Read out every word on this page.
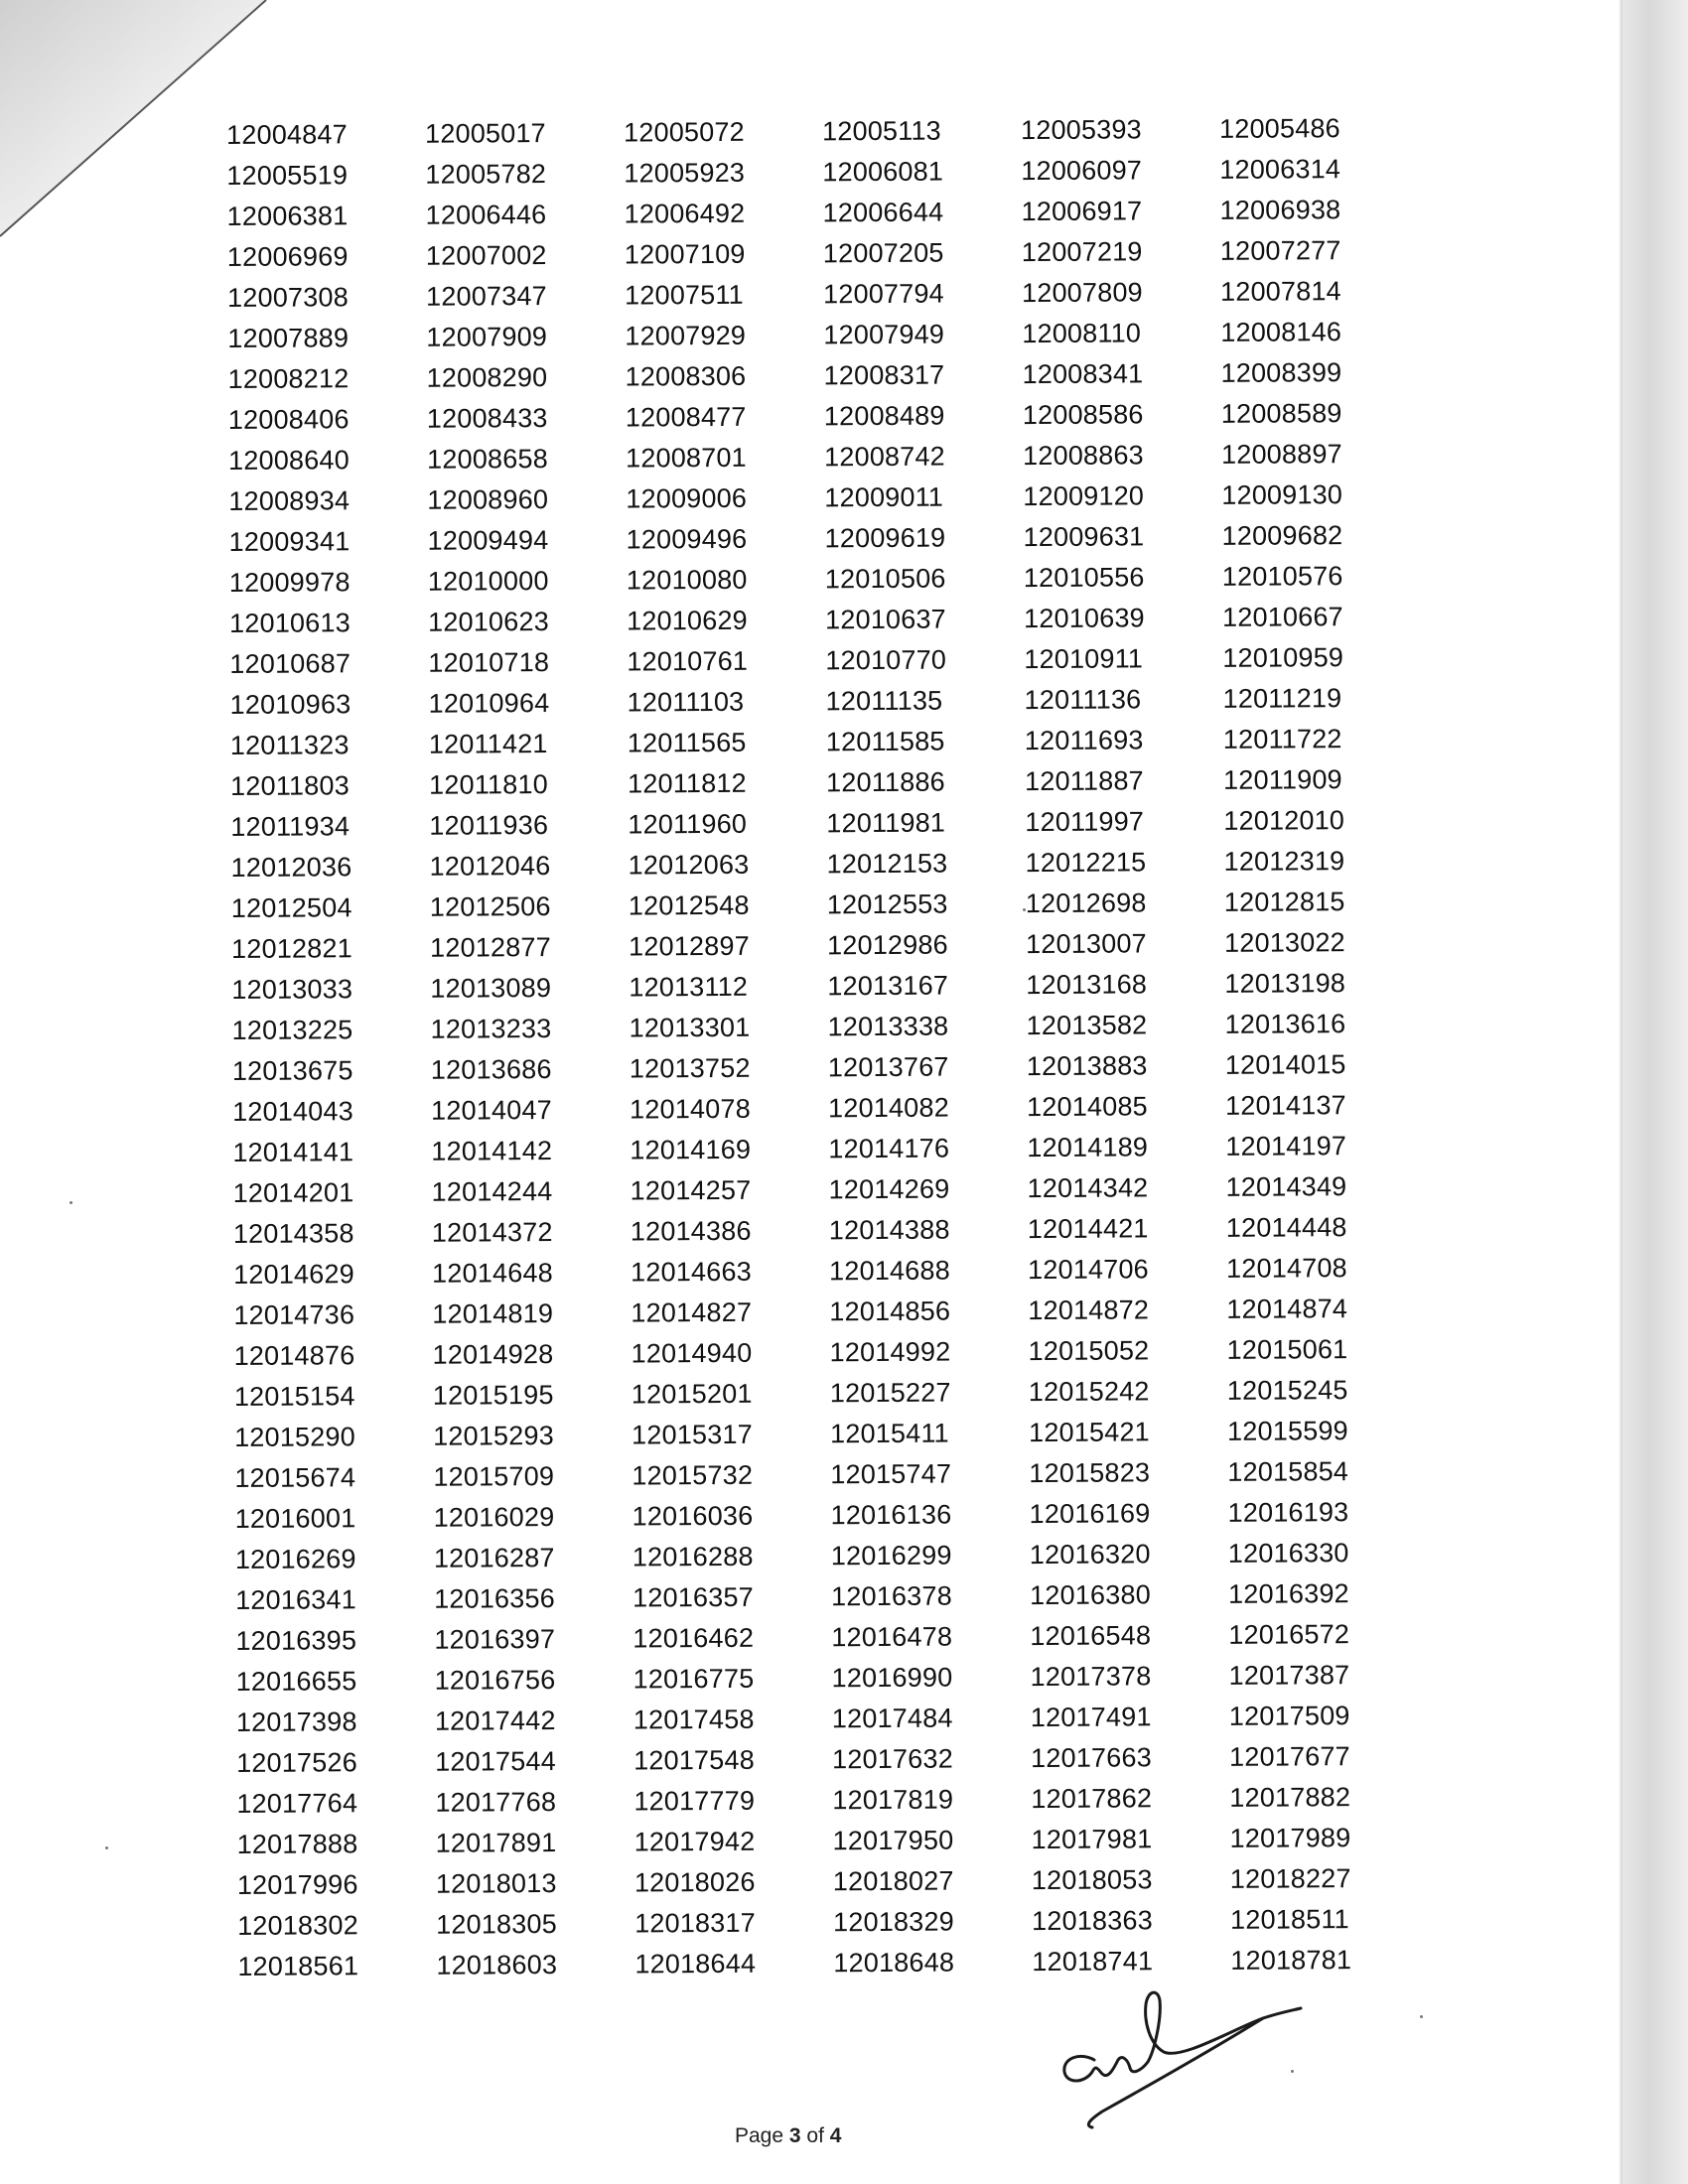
12004847	12005017	12005072	12005113	12005393	12005486
12005519	12005782	12005923	12006081	12006097	12006314
12006381	12006446	12006492	12006644	12006917	12006938
12006969	12007002	12007109	12007205	12007219	12007277
12007308	12007347	12007511	12007794	12007809	12007814
12007889	12007909	12007929	12007949	12008110	12008146
12008212	12008290	12008306	12008317	12008341	12008399
12008406	12008433	12008477	12008489	12008586	12008589
12008640	12008658	12008701	12008742	12008863	12008897
12008934	12008960	12009006	12009011	12009120	12009130
12009341	12009494	12009496	12009619	12009631	12009682
12009978	12010000	12010080	12010506	12010556	12010576
12010613	12010623	12010629	12010637	12010639	12010667
12010687	12010718	12010761	12010770	12010911	12010959
12010963	12010964	12011103	12011135	12011136	12011219
12011323	12011421	12011565	12011585	12011693	12011722
12011803	12011810	12011812	12011886	12011887	12011909
12011934	12011936	12011960	12011981	12011997	12012010
12012036	12012046	12012063	12012153	12012215	12012319
12012504	12012506	12012548	12012553	12012698	12012815
12012821	12012877	12012897	12012986	12013007	12013022
12013033	12013089	12013112	12013167	12013168	12013198
12013225	12013233	12013301	12013338	12013582	12013616
12013675	12013686	12013752	12013767	12013883	12014015
12014043	12014047	12014078	12014082	12014085	12014137
12014141	12014142	12014169	12014176	12014189	12014197
12014201	12014244	12014257	12014269	12014342	12014349
12014358	12014372	12014386	12014388	12014421	12014448
12014629	12014648	12014663	12014688	12014706	12014708
12014736	12014819	12014827	12014856	12014872	12014874
12014876	12014928	12014940	12014992	12015052	12015061
12015154	12015195	12015201	12015227	12015242	12015245
12015290	12015293	12015317	12015411	12015421	12015599
12015674	12015709	12015732	12015747	12015823	12015854
12016001	12016029	12016036	12016136	12016169	12016193
12016269	12016287	12016288	12016299	12016320	12016330
12016341	12016356	12016357	12016378	12016380	12016392
12016395	12016397	12016462	12016478	12016548	12016572
12016655	12016756	12016775	12016990	12017378	12017387
12017398	12017442	12017458	12017484	12017491	12017509
12017526	12017544	12017548	12017632	12017663	12017677
12017764	12017768	12017779	12017819	12017862	12017882
12017888	12017891	12017942	12017950	12017981	12017989
12017996	12018013	12018026	12018027	12018053	12018227
12018302	12018305	12018317	12018329	12018363	12018511
12018561	12018603	12018644	12018648	12018741	12018781
Page 3 of 4
